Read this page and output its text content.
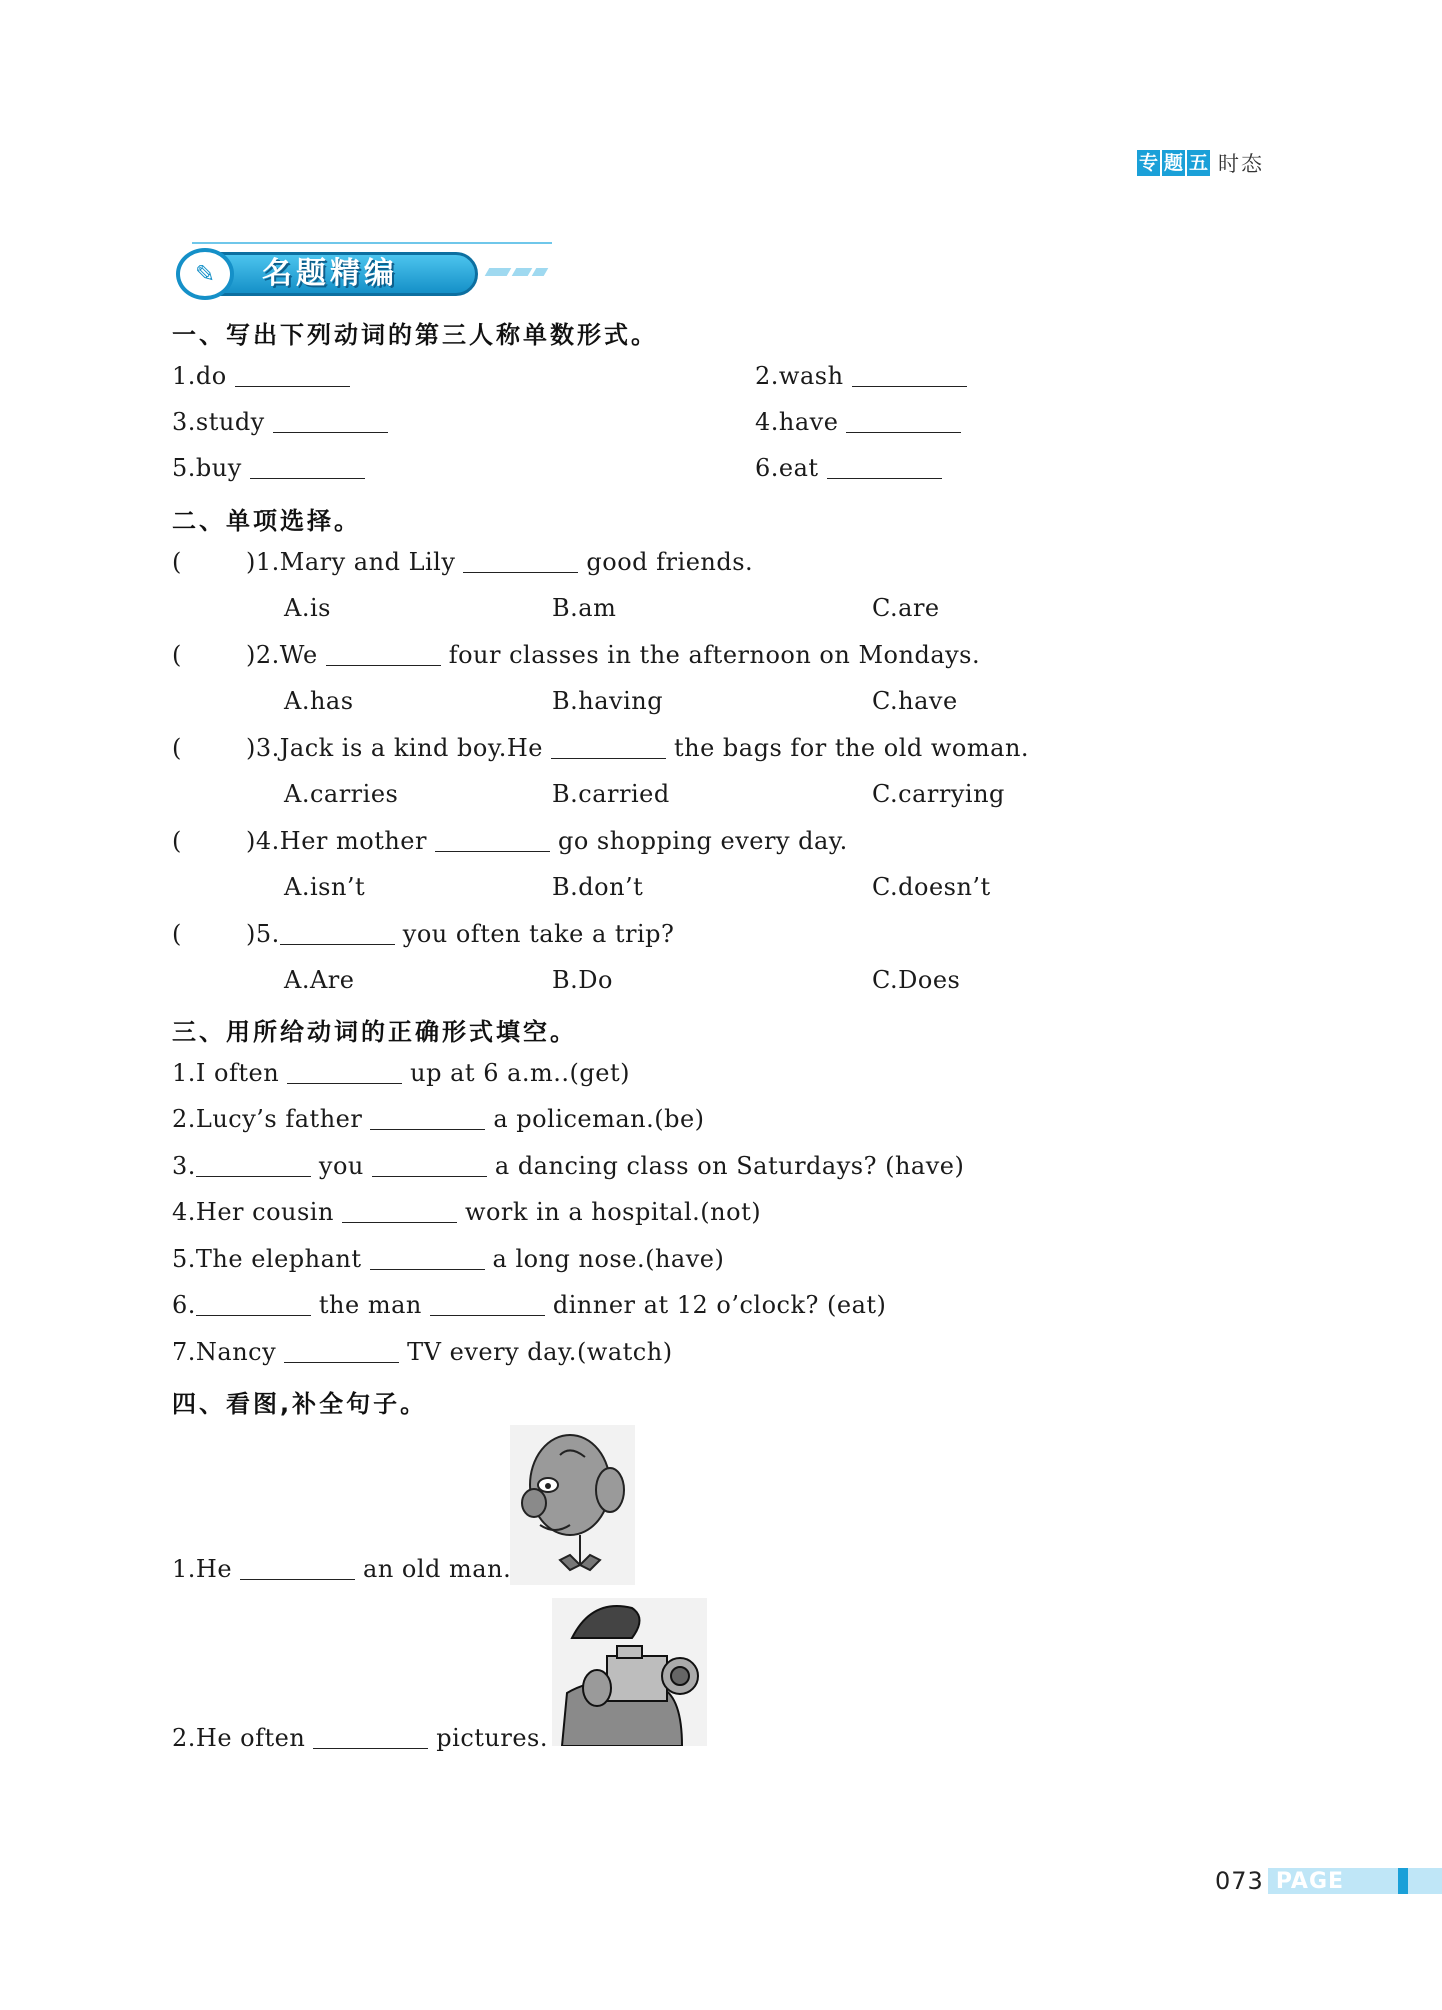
专 题 五 时态
✎ 名题精编
一、写出下列动词的第三人称单数形式。
1.do	2.wash
3.study	4.have
5.buy	6.eat
二、单项选择。
(	)1.Mary and Lily	good friends.
A.is	B.am	C.are
(	)2.We	four classes in the afternoon on Mondays.
A.has	B.having	C.have
(	)3.Jack is a kind boy.He	the bags for the old woman.
A.carries	B.carried	C.carrying
(	)4.Her mother	go shopping every day.
A.isn’t	B.don’t	C.doesn’t
(	)5.	you often take a trip?
A.Are	B.Do	C.Does
三、用所给动词的正确形式填空。
1.I often	up at 6 a.m..(get)
2.Lucy’s father	a policeman.(be)
3.	you	a dancing class on Saturdays? (have)
4.Her cousin	work in a hospital.(not)
5.The elephant	a long nose.(have)
6.	the man	dinner at 12 o’clock? (eat)
7.Nancy	TV every day.(watch)
四、看图,补全句子。
1.He	an old man.
2.He often	pictures.
073 PAGE
